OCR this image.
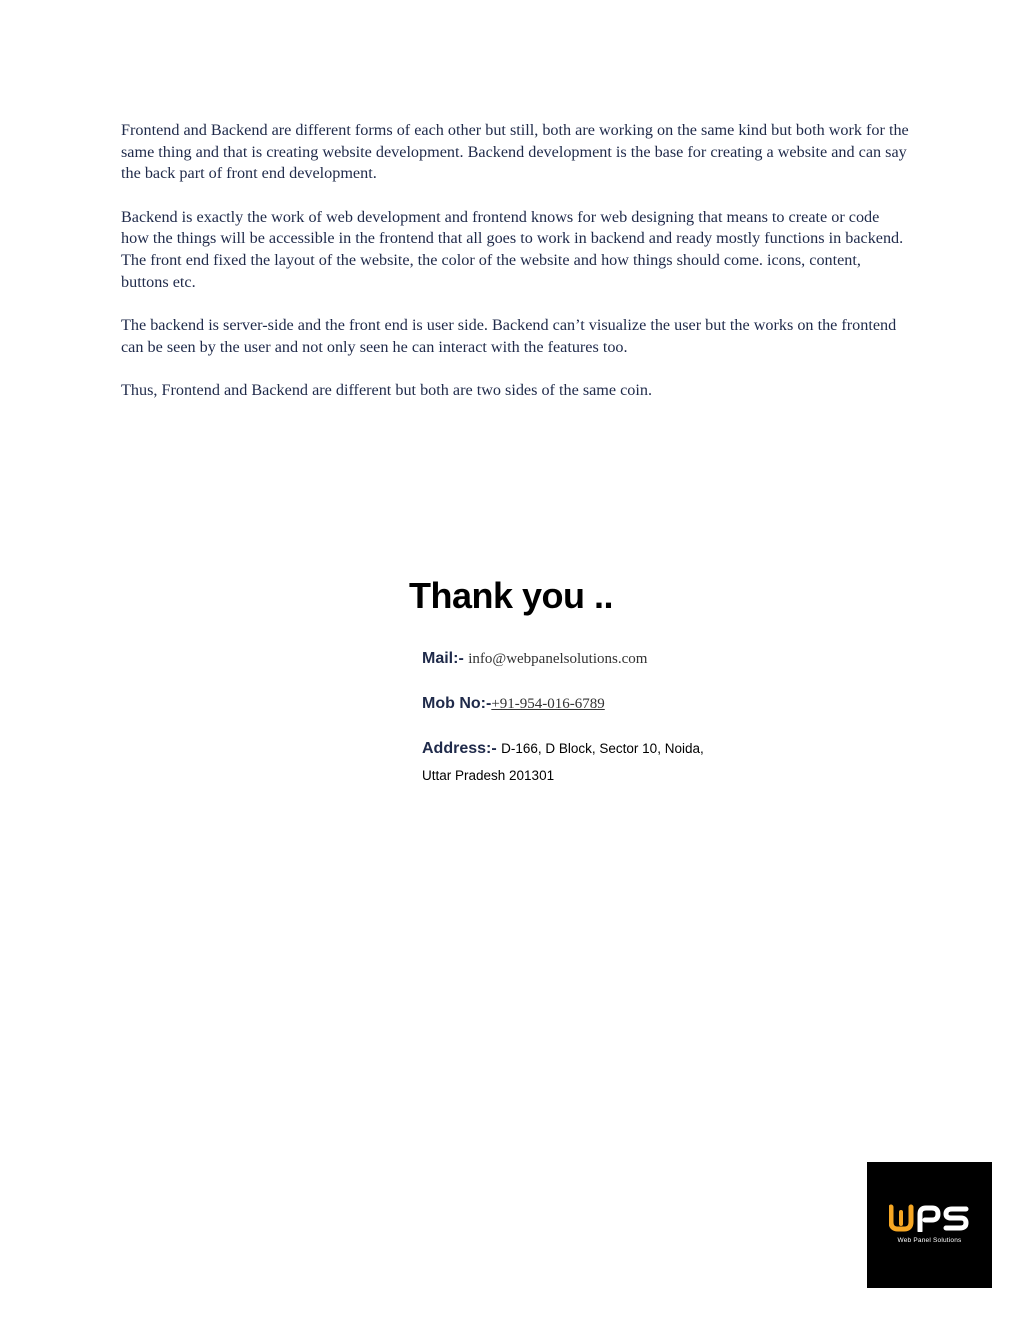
Frontend and Backend are different forms of each other but still, both are working on the same kind but both work for the same thing and that is creating website development. Backend development is the base for creating a website and can say the back part of front end development.

Backend is exactly the work of web development and frontend knows for web designing that means to create or code how the things will be accessible in the frontend that all goes to work in backend and ready mostly functions in backend. The front end fixed the layout of the website, the color of the website and how things should come. icons, content, buttons etc.

The backend is server-side and the front end is user side. Backend can’t visualize the user but the works on the frontend can be seen by the user and not only seen he can interact with the features too.

Thus, Frontend and Backend are different but both are two sides of the same coin.

Thank you ..
Mail:- info@webpanelsolutions.com
Mob No:-+91-954-016-6789
Address:- D-166, D Block, Sector 10, Noida,
Uttar Pradesh 201301
Web Panel Solutions
